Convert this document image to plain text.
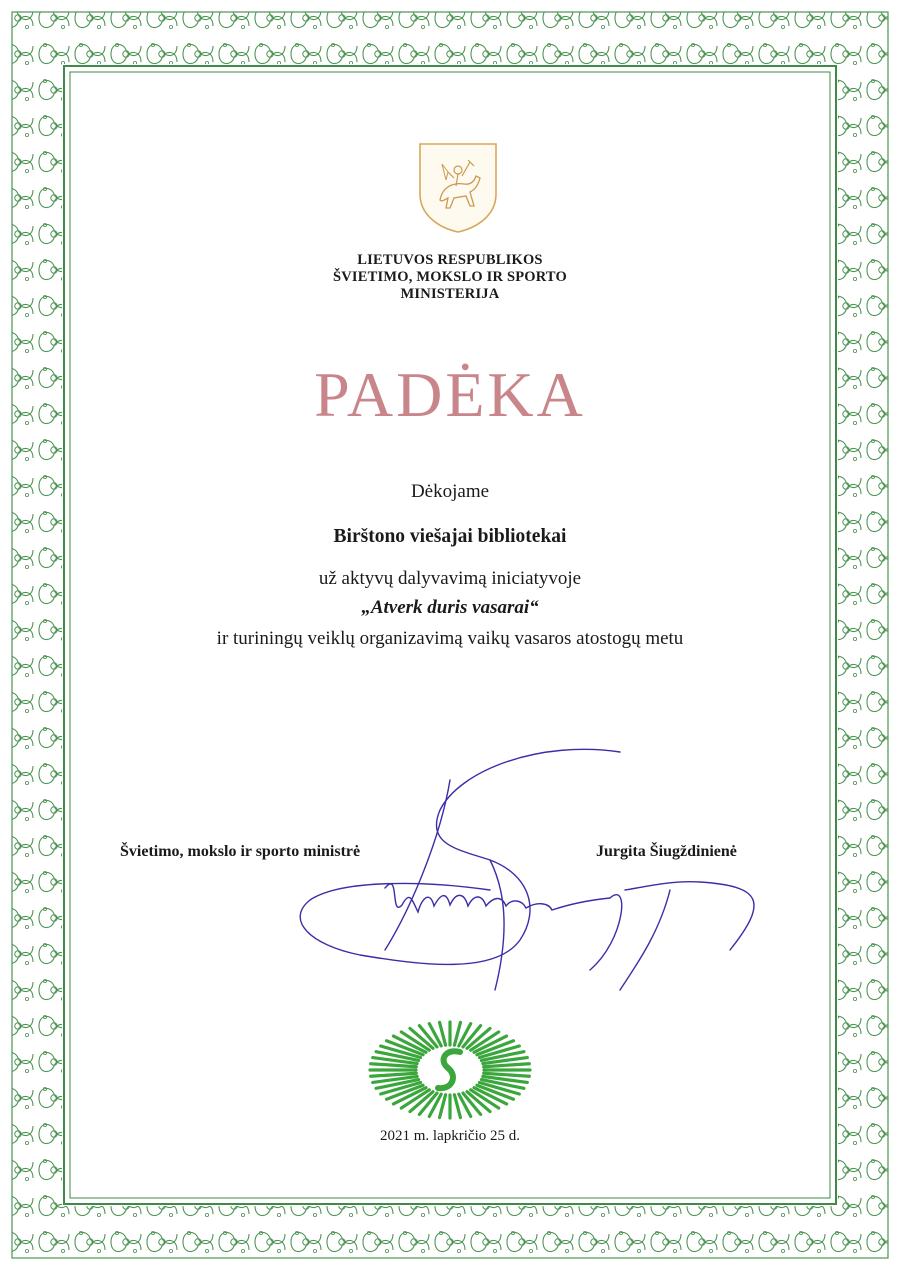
LIETUVOS RESPUBLIKOS
ŠVIETIMO, MOKSLO IR SPORTO
MINISTERIJA
PADĖKA
Dėkojame
Birštono viešajai bibliotekai
už aktyvų dalyvavimą iniciatyvoje
„Atverk duris vasarai“
ir turiningų veiklų organizavimą vaikų vasaros atostogų metu
Švietimo, mokslo ir sporto ministrė	Jurgita Šiugždinienė
2021 m. lapkričio 25 d.
